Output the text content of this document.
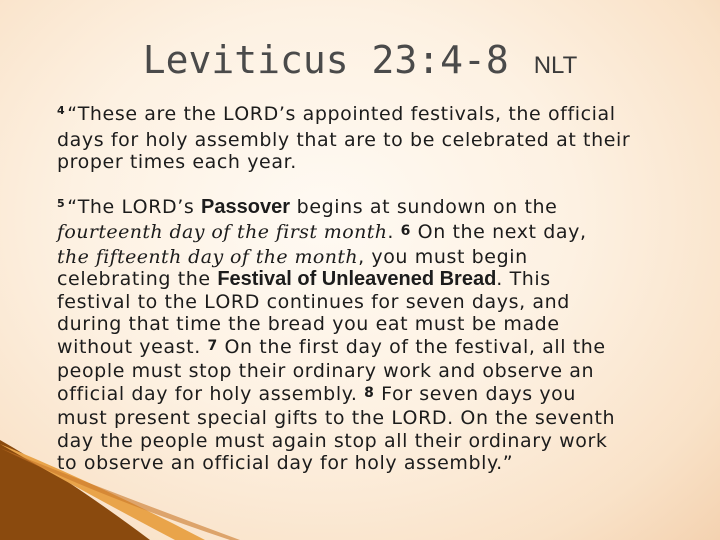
Leviticus 23:4-8 NLT

$^4$ “These are the LORD’s appointed festivals, the official
days for holy assembly that are to be celebrated at their
proper times each year.

$^5$ “The LORD’s Passover begins at sundown on the
fourteenth day of the first month. 6 On the next day,
the fifteenth day of the month, you must begin
celebrating the Festival of Unleavened Bread. This
festival to the LORD continues for seven days, and
during that time the bread you eat must be made
without yeast. 7 On the first day of the festival, all the
people must stop their ordinary work and observe an
official day for holy assembly. 8 For seven days you
must present special gifts to the LORD. On the seventh
day the people must again stop all their ordinary work
to observe an official day for holy assembly.”
